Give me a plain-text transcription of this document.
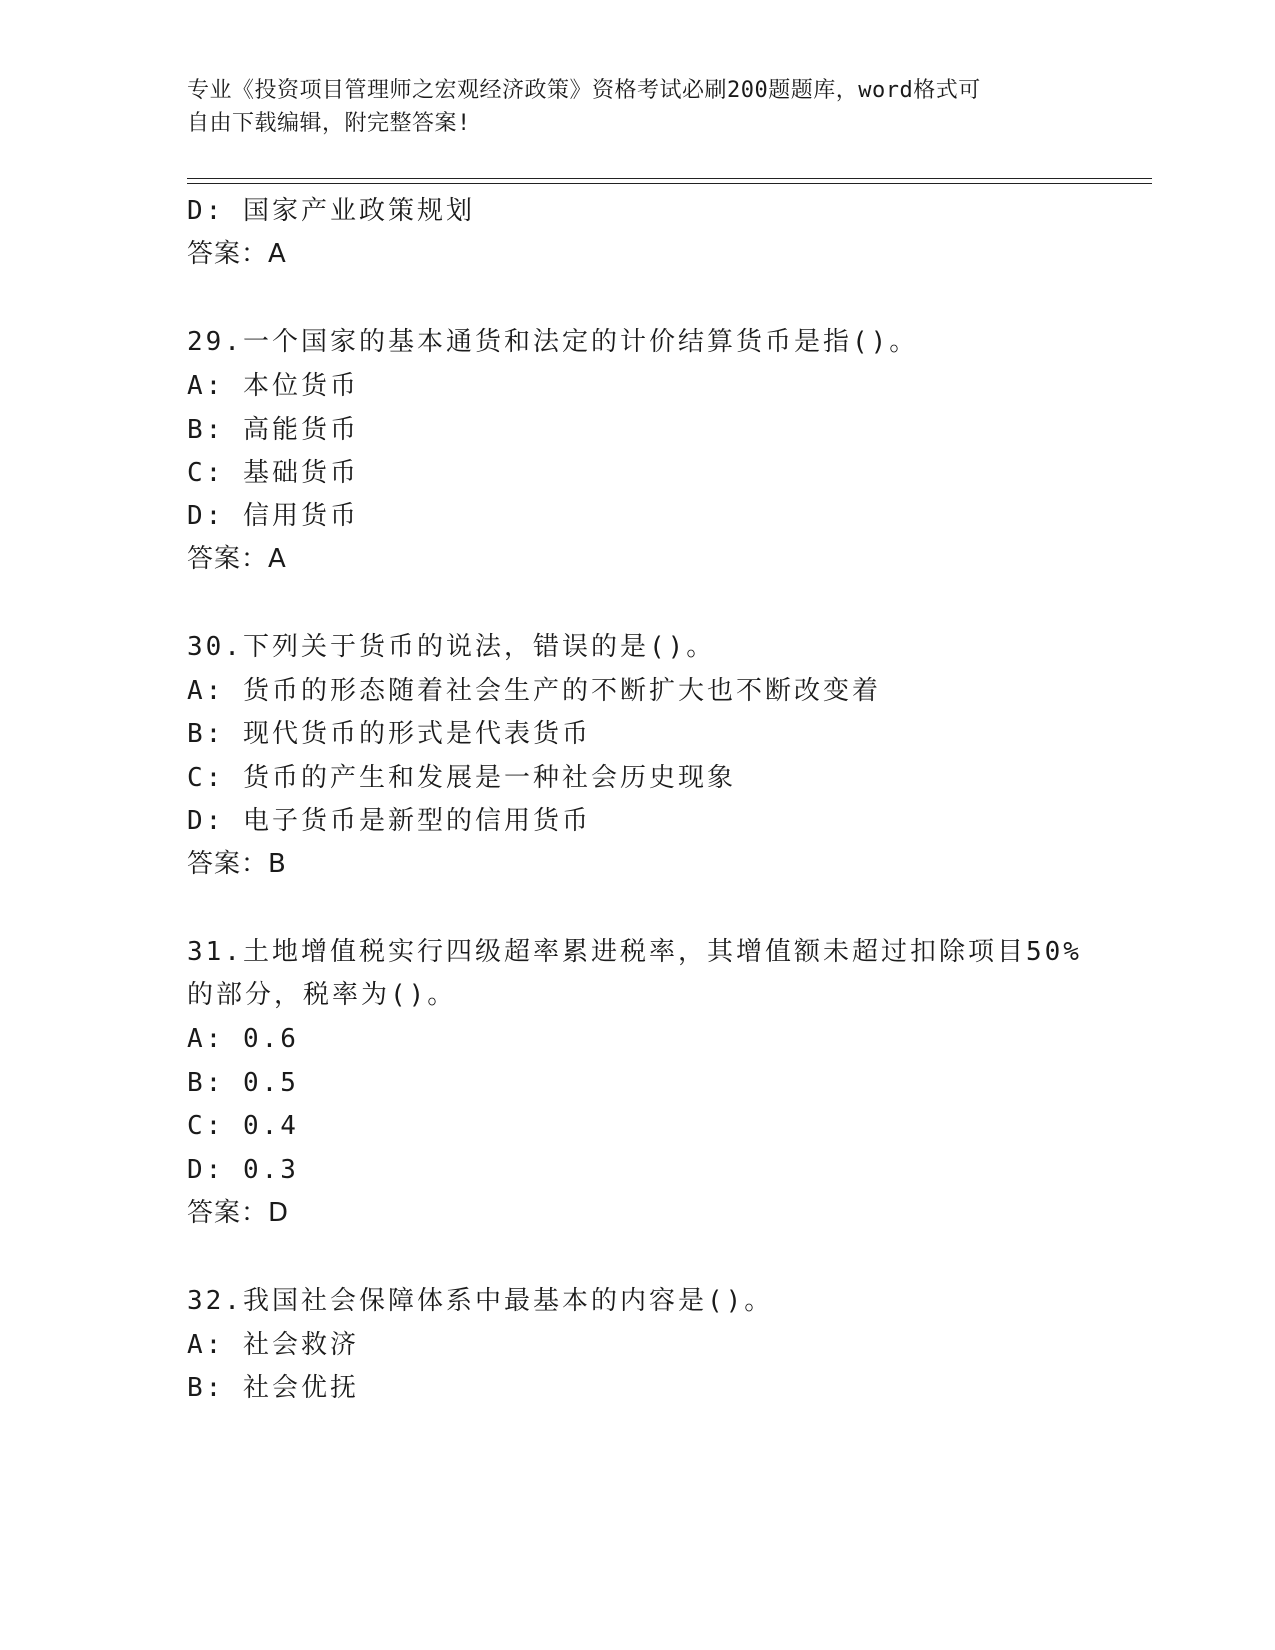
专业《投资项目管理师之宏观经济政策》资格考试必刷200题题库，word格式可
自由下载编辑，附完整答案!
D: 国家产业政策规划
答案：A
29.一个国家的基本通货和法定的计价结算货币是指()。
A: 本位货币
B: 高能货币
C: 基础货币
D: 信用货币
答案：A
30.下列关于货币的说法，错误的是()。
A: 货币的形态随着社会生产的不断扩大也不断改变着
B: 现代货币的形式是代表货币
C: 货币的产生和发展是一种社会历史现象
D: 电子货币是新型的信用货币
答案：B
31.土地增值税实行四级超率累进税率，其增值额未超过扣除项目50%
的部分，税率为()。
A: 0.6
B: 0.5
C: 0.4
D: 0.3
答案：D
32.我国社会保障体系中最基本的内容是()。
A: 社会救济
B: 社会优抚
